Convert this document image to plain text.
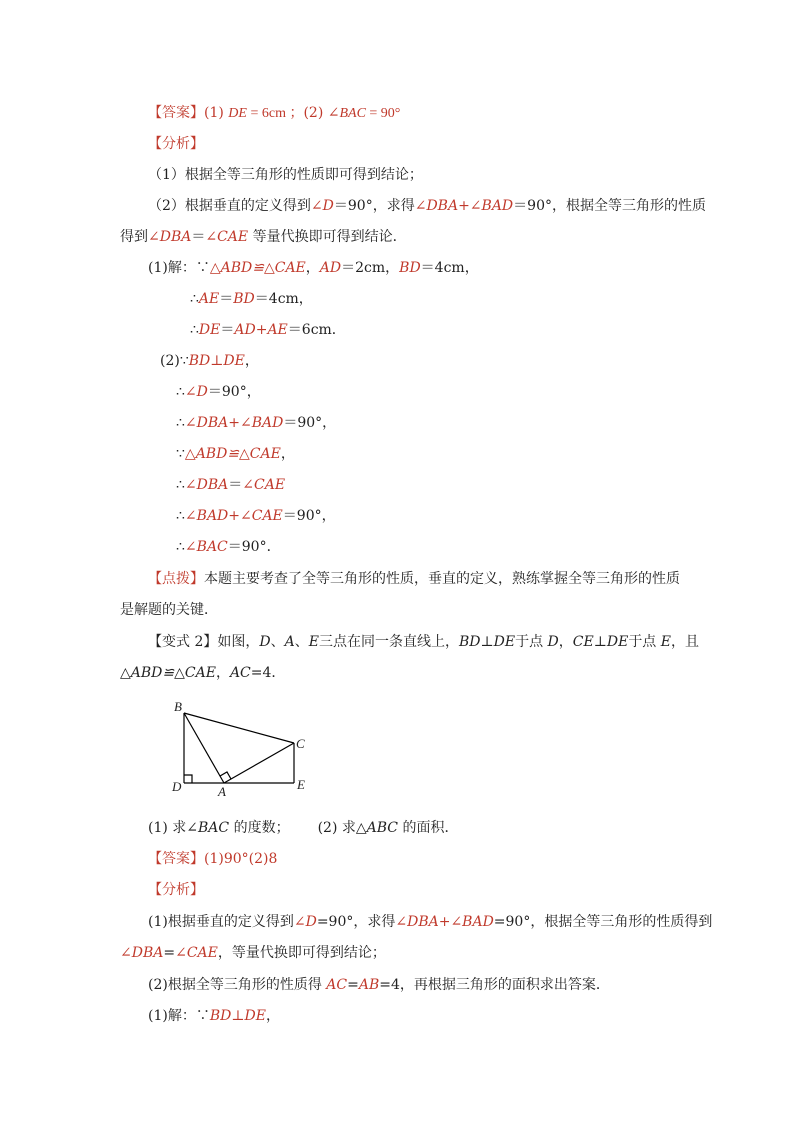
【答案】(1) DE = 6cm ；(2) ∠BAC = 90°
【分析】
（1）根据全等三角形的性质即可得到结论；
（2）根据垂直的定义得到∠D＝90°，求得∠DBA+∠BAD＝90°，根据全等三角形的性质
得到∠DBA＝∠CAE 等量代换即可得到结论．
(1)解：∵△ABD≌△CAE，AD＝2cm，BD＝4cm，
∴AE＝BD＝4cm，
∴DE＝AD+AE＝6cm．
(2)∵BD⊥DE，
∴∠D＝90°，
∴∠DBA+∠BAD＝90°，
∵△ABD≌△CAE，
∴∠DBA＝∠CAE
∴∠BAD+∠CAE＝90°，
∴∠BAC＝90°．
【点拨】本题主要考查了全等三角形的性质，垂直的定义，熟练掌握全等三角形的性质
是解题的关键．
【变式 2】如图，D、A、E三点在同一条直线上，BD⊥DE于点 D，CE⊥DE于点 E，且
△ABD≌△CAE，AC=4．
B
C
D	A	E
(1) 求∠BAC 的度数； (2) 求△ABC 的面积．
【答案】(1)90°(2)8
【分析】
(1)根据垂直的定义得到∠D=90°，求得∠DBA+∠BAD=90°，根据全等三角形的性质得到
∠DBA=∠CAE，等量代换即可得到结论；
(2)根据全等三角形的性质得 AC=AB=4，再根据三角形的面积求出答案．
(1)解：∵BD⊥DE，
